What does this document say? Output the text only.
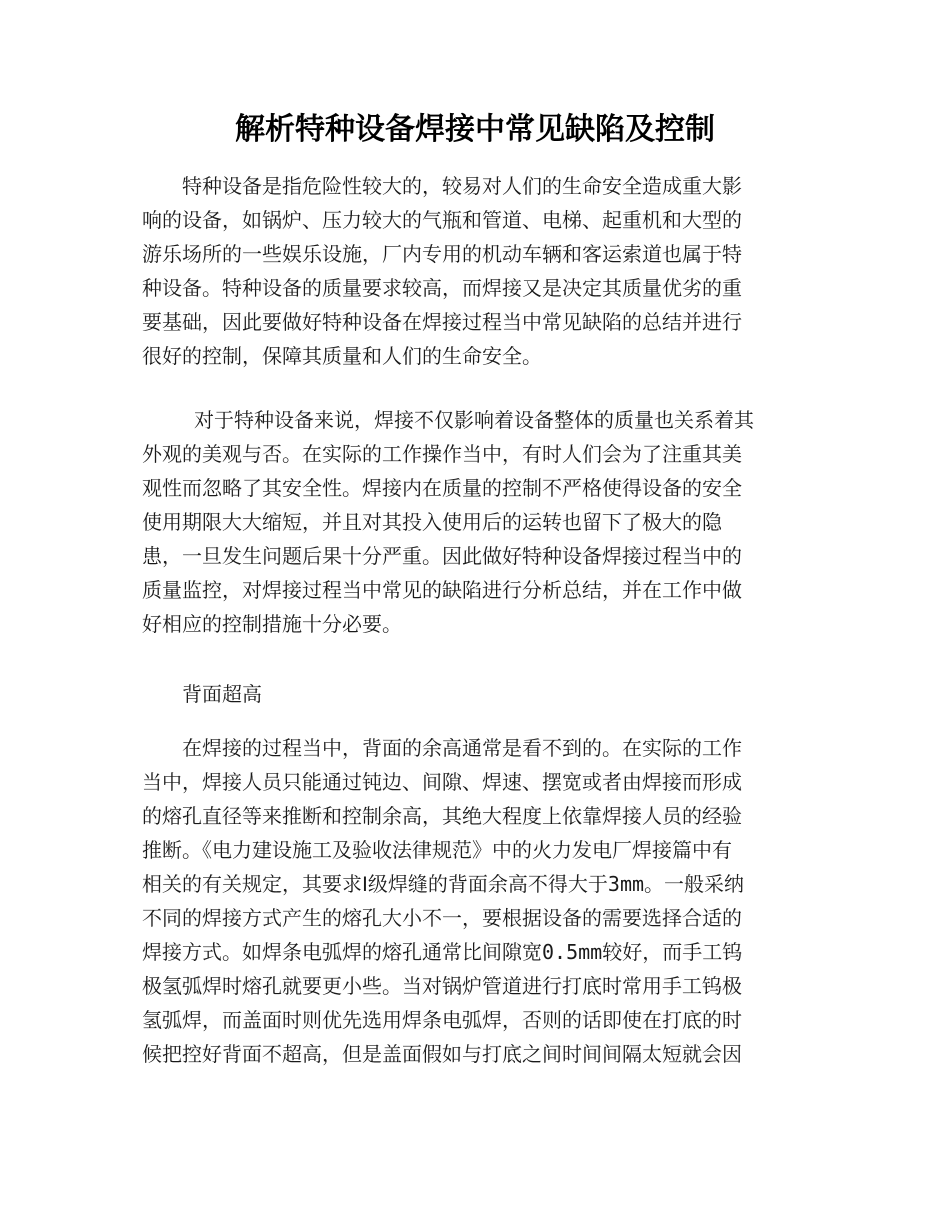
解析特种设备焊接中常见缺陷及控制

　　特种设备是指危险性较大的，较易对人们的生命安全造成重大影

响的设备，如锅炉、压力较大的气瓶和管道、电梯、起重机和大型的

游乐场所的一些娱乐设施，厂内专用的机动车辆和客运索道也属于特

种设备。特种设备的质量要求较高，而焊接又是决定其质量优劣的重

要基础，因此要做好特种设备在焊接过程当中常见缺陷的总结并进行

很好的控制，保障其质量和人们的生命安全。

　　 对于特种设备来说，焊接不仅影响着设备整体的质量也关系着其

外观的美观与否。在实际的工作操作当中，有时人们会为了注重其美

观性而忽略了其安全性。焊接内在质量的控制不严格使得设备的安全

使用期限大大缩短，并且对其投入使用后的运转也留下了极大的隐

患，一旦发生问题后果十分严重。因此做好特种设备焊接过程当中的

质量监控，对焊接过程当中常见的缺陷进行分析总结，并在工作中做

好相应的控制措施十分必要。

　　背面超高

　　在焊接的过程当中，背面的余高通常是看不到的。在实际的工作

当中，焊接人员只能通过钝边、间隙、焊速、摆宽或者由焊接而形成

的熔孔直径等来推断和控制余高，其绝大程度上依靠焊接人员的经验

推断。《电力建设施工及验收法律规范》中的火力发电厂焊接篇中有

相关的有关规定，其要求Ⅰ级焊缝的背面余高不得大于3mm。一般采纳

不同的焊接方式产生的熔孔大小不一，要根据设备的需要选择合适的

焊接方式。如焊条电弧焊的熔孔通常比间隙宽0.5mm较好，而手工钨

极氢弧焊时熔孔就要更小些。当对锅炉管道进行打底时常用手工钨极

氢弧焊，而盖面时则优先选用焊条电弧焊，否则的话即使在打底的时

候把控好背面不超高，但是盖面假如与打底之间时间间隔太短就会因
